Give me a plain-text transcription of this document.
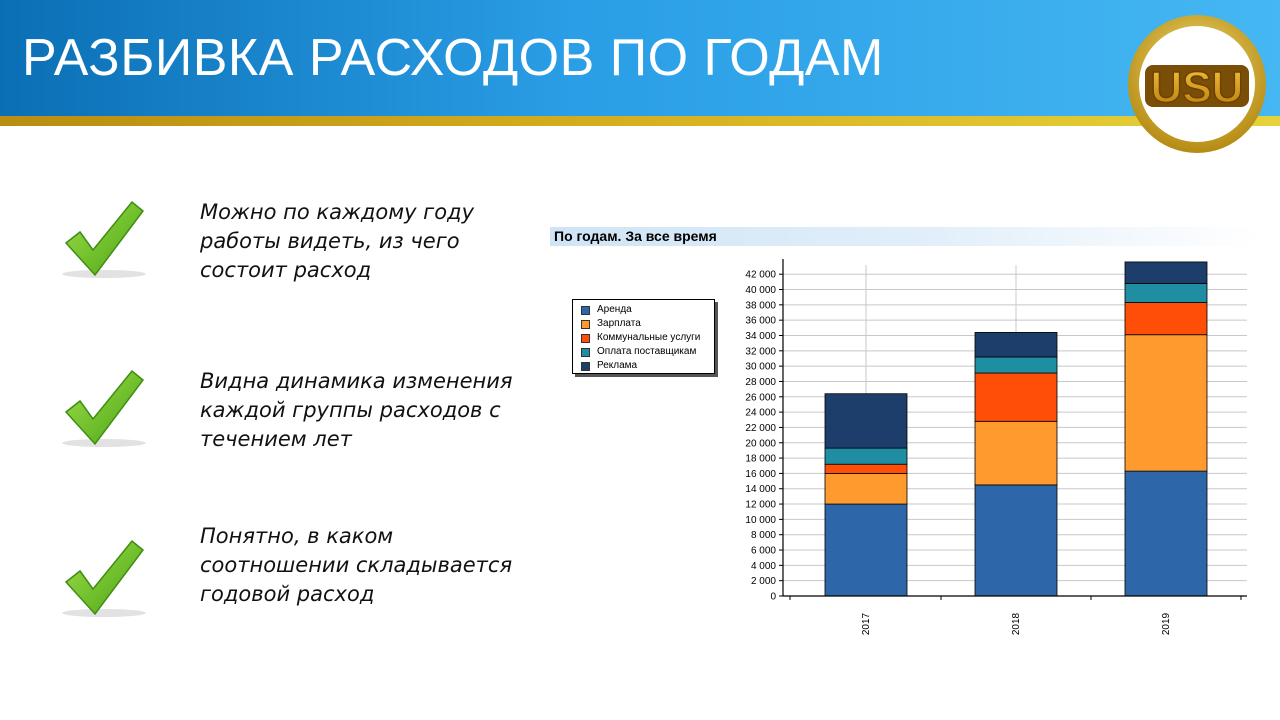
РАЗБИВКА РАСХОДОВ ПО ГОДАМ
USU
Можно по каждому году работы видеть, из чего состоит расход
Видна динамика изменения каждой группы расходов с течением лет
Понятно, в каком соотношении складывается годовой расход
По годам. За все время
Аренда
Зарплата
Коммунальные услуги
Оплата поставщикам
Реклама
0
2 000
4 000
6 000
8 000
10 000
12 000
14 000
16 000
18 000
20 000
22 000
24 000
26 000
28 000
30 000
32 000
34 000
36 000
38 000
40 000
42 000
2017	2018	2019
